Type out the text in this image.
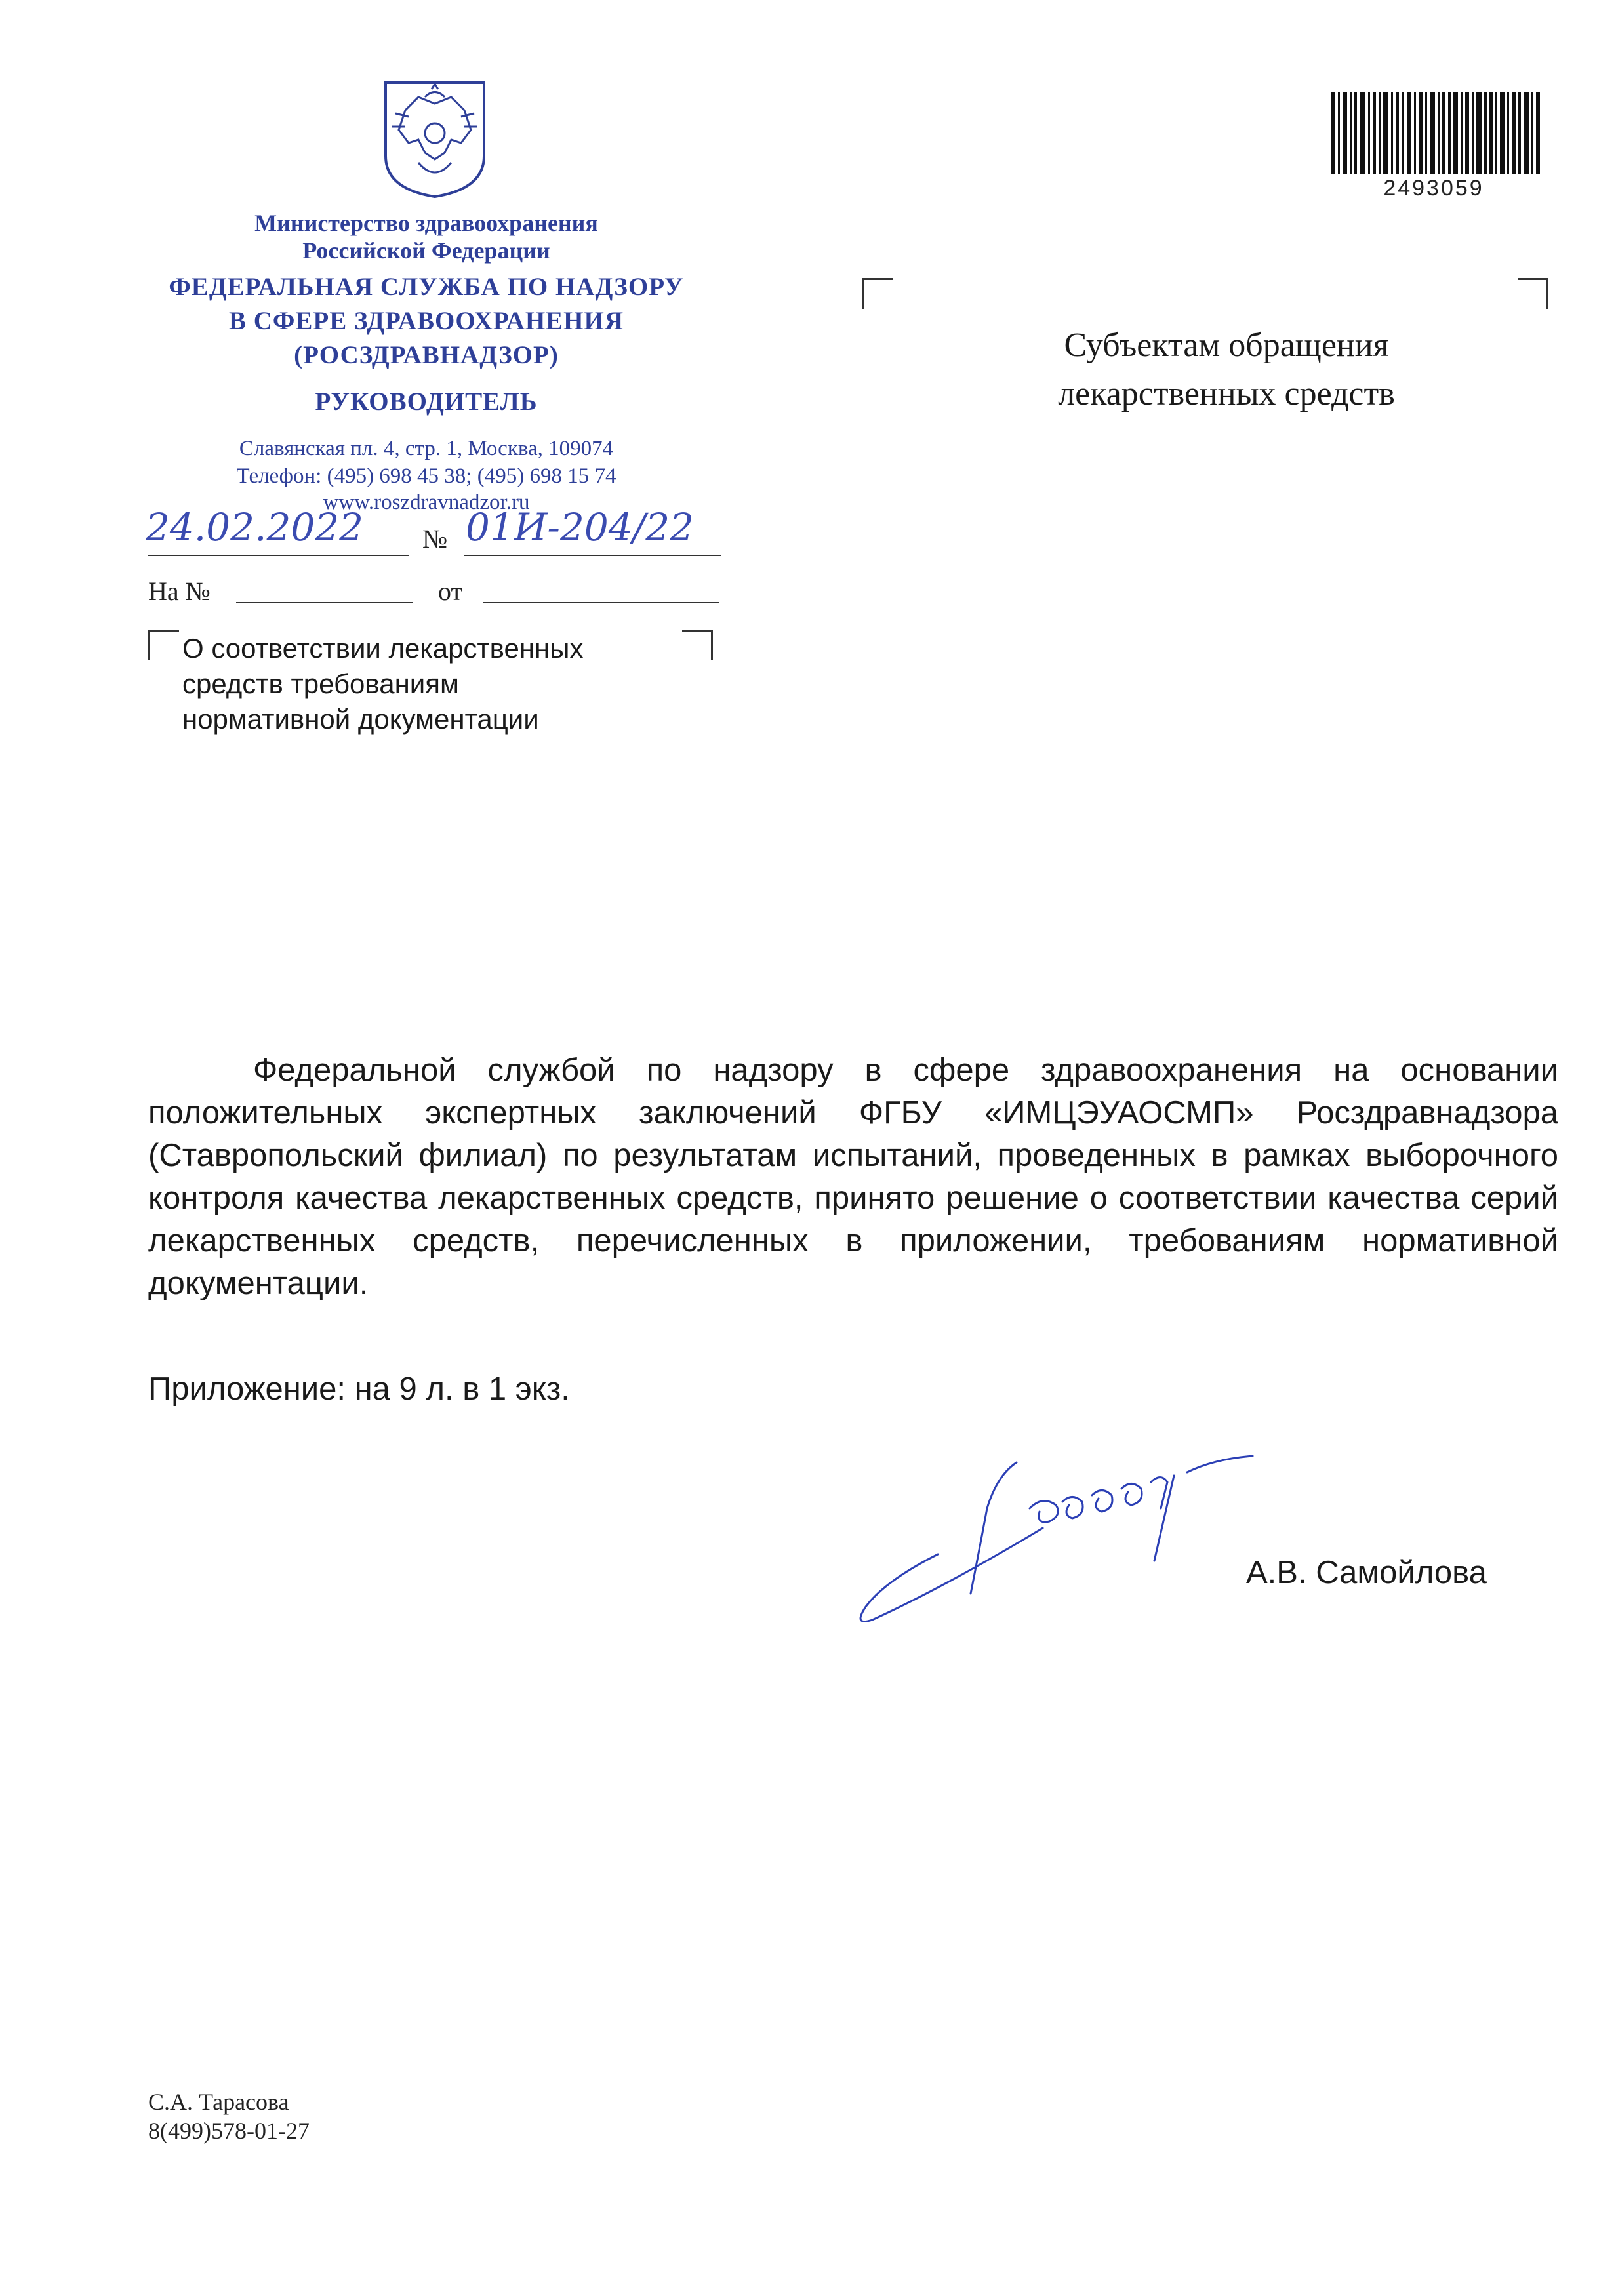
Министерство здравоохранения
Российской Федерации
ФЕДЕРАЛЬНАЯ СЛУЖБА ПО НАДЗОРУ
В СФЕРЕ ЗДРАВООХРАНЕНИЯ
(РОСЗДРАВНАДЗОР)
РУКОВОДИТЕЛЬ
Славянская пл. 4, стр. 1, Москва, 109074
Телефон: (495) 698 45 38; (495) 698 15 74
www.roszdravnadzor.ru
24.02.2022 № 01И-204/22
На №	от
2493059
Субъектам обращения
лекарственных средств
О соответствии лекарственных
средств требованиям
нормативной документации

Федеральной службой по надзору в сфере здравоохранения на основании положительных экспертных заключений ФГБУ «ИМЦЭУАОСМП» Росздравнадзора (Ставропольский филиал) по результатам испытаний, проведенных в рамках выборочного контроля качества лекарственных средств, принято решение о соответствии качества серий лекарственных средств, перечисленных в приложении, требованиям нормативной документации.

Приложение: на 9 л. в 1 экз.
А.В. Самойлова
С.А. Тарасова
8(499)578-01-27
